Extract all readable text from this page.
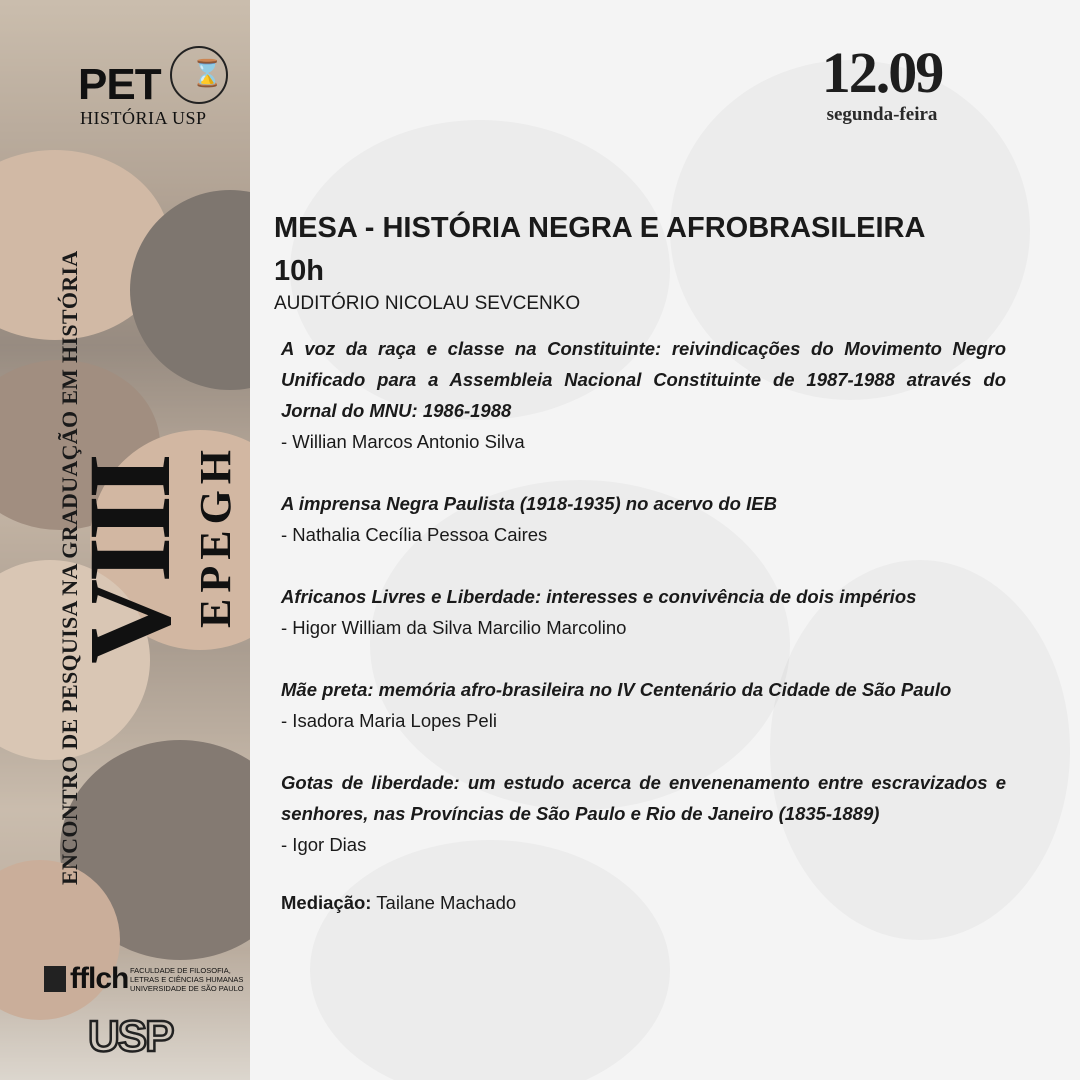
PET
HISTÓRIA USP
⌛
ENCONTRO DE PESQUISA NA GRADUAÇÃO EM HISTÓRIA
VIII
EPEGH
fflch FACULDADE DE FILOSOFIA,
LETRAS E CIÊNCIAS HUMANAS
UNIVERSIDADE DE SÃO PAULO
USP
12.09
segunda-feira
MESA - HISTÓRIA NEGRA E AFROBRASILEIRA
10h
AUDITÓRIO NICOLAU SEVCENKO
A voz da raça e classe na Constituinte: reivindicações do Movimento Negro Unificado para a Assembleia Nacional Constituinte de 1987-1988 através do Jornal do MNU: 1986-1988
- Willian Marcos Antonio Silva
A imprensa Negra Paulista (1918-1935) no acervo do IEB
- Nathalia Cecília Pessoa Caires
Africanos Livres e Liberdade: interesses e convivência de dois impérios
- Higor William da Silva Marcilio Marcolino
Mãe preta: memória afro-brasileira no IV Centenário da Cidade de São Paulo
- Isadora Maria Lopes Peli
Gotas de liberdade: um estudo acerca de envenenamento entre escravizados e senhores, nas Províncias de São Paulo e Rio de Janeiro (1835-1889)
- Igor Dias
Mediação: Tailane Machado
